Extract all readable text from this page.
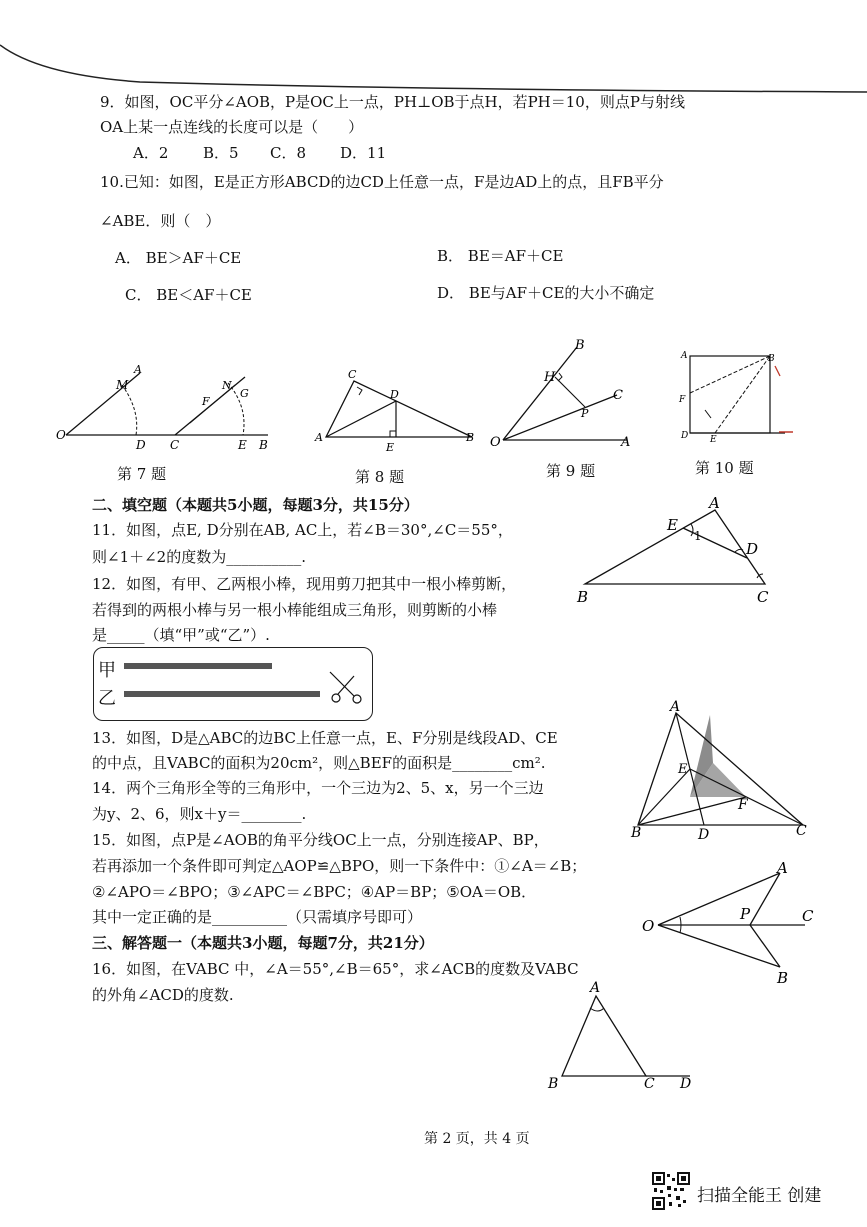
9．如图，OC平分∠AOB，P是OC上一点，PH⊥OB于点H，若PH＝10，则点P与射线
OA上某一点连线的长度可以是（　　）
A．2 B．5 C．8 D．11
10.已知：如图，E是正方形ABCD的边CD上任意一点，F是边AD上的点，且FB平分
∠ABE．则（　）
A． BE＞AF＋CE	B． BE＝AF＋CE
C． BE＜AF＋CE	D． BE与AF＋CE的大小不确定
O
M
A
D C
N
F
G
E B
第 7 题
C
D
A
E
B
第 8 题
B
H
C
P
O	A
第 9 题
A	B
F
D E
第 10 题
二、填空题（本题共5小题，每题3分，共15分）
11．如图，点E, D分别在AB, AC上，若∠B＝30°,∠C＝55°，
则∠1＋∠2的度数为__________.
E
A
1
D
B	C
12．如图，有甲、乙两根小棒，现用剪刀把其中一根小棒剪断，
若得到的两根小棒与另一根小棒能组成三角形，则剪断的小棒
是_____（填“甲”或“乙”）.
甲
乙
13．如图，D是△ABC的边BC上任意一点，E、F分别是线段AD、CE
的中点，且VABC的面积为20cm²，则△BEF的面积是________cm².
A
E
F
B	D	C
14．两个三角形全等的三角形中，一个三边为2、5、x，另一个三边
为y、2、6，则x＋y＝________.
15．如图，点P是∠AOB的角平分线OC上一点，分别连接AP、BP，
若再添加一个条件即可判定△AOP≌△BPO，则一下条件中：①∠A＝∠B；
②∠APO＝∠BPO；③∠APC＝∠BPC；④AP＝BP；⑤OA＝OB．
其中一定正确的是__________（只需填序号即可）
A
O
P	C
B
三、解答题一（本题共3小题，每题7分，共21分）
16．如图，在VABC 中，∠A＝55°,∠B＝65°，求∠ACB的度数及VABC
的外角∠ACD的度数.	A
B	C D
第 2 页，共 4 页
扫描全能王 创建
